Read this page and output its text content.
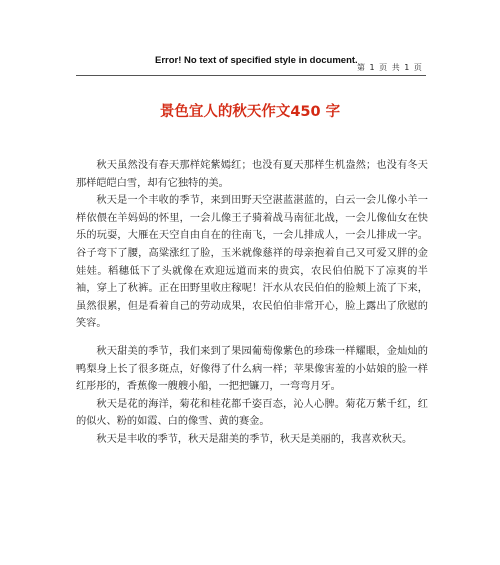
Error! No text of specified style in document.
第 1 页 共 1 页
景色宜人的秋天作文450 字

秋天虽然没有春天那样姹紫嫣红；也没有夏天那样生机盎然；也没有冬天那样皑皑白雪，却有它独特的美。

秋天是一个丰收的季节，来到田野天空湛蓝湛蓝的，白云一会儿像小羊一样依偎在羊妈妈的怀里，一会儿像王子骑着战马南征北战，一会儿像仙女在快乐的玩耍，大雁在天空自由自在的往南飞，一会儿排成人，一会儿排成一字。谷子弯下了腰，高粱涨红了脸，玉米就像慈祥的母亲抱着自己又可爱又胖的金娃娃。稻穗低下了头就像在欢迎远道而来的贵宾，农民伯伯脱下了凉爽的半袖，穿上了秋裤。正在田野里收庄稼呢！汗水从农民伯伯的脸颊上流了下来，虽然很累，但是看着自己的劳动成果，农民伯伯非常开心，脸上露出了欣慰的笑容。

秋天甜美的季节，我们来到了果园葡萄像紫色的珍珠一样耀眼，金灿灿的鸭梨身上长了很多斑点，好像得了什么病一样；苹果像害羞的小姑娘的脸一样红彤彤的，香蕉像一艘艘小船，一把把镰刀，一弯弯月牙。

秋天是花的海洋，菊花和桂花都千姿百态，沁人心脾。菊花万紫千红，红的似火、粉的如霞、白的像雪、黄的赛金。

秋天是丰收的季节，秋天是甜美的季节，秋天是美丽的，我喜欢秋天。
